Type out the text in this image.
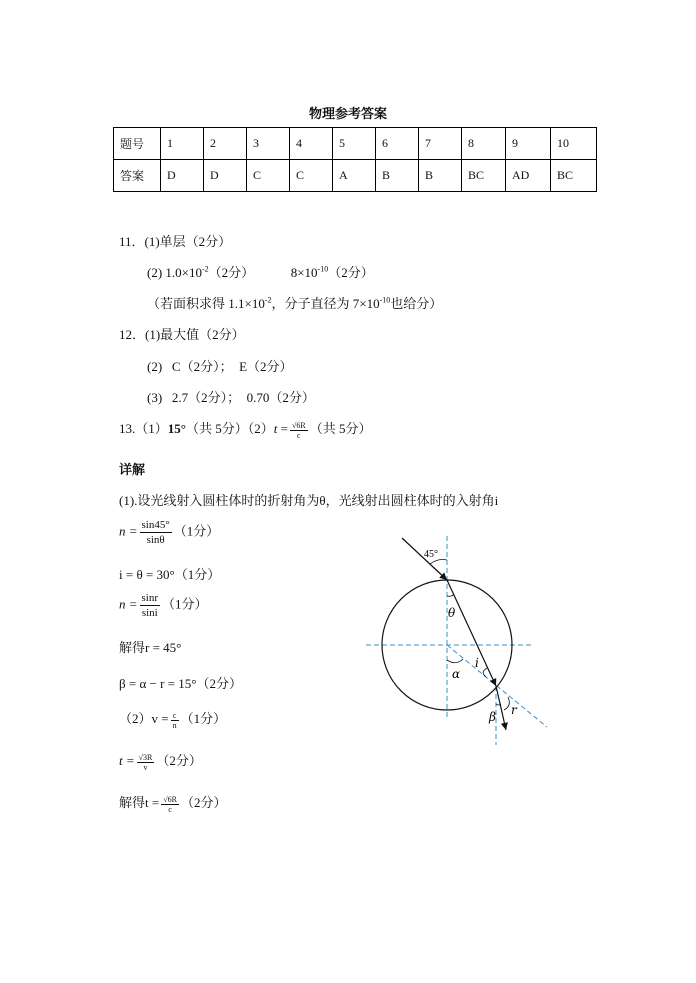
物理参考答案
题号	1	2	3	4	5	6	7	8	9	10
答案	D	D	C	C	A	B	B	BC	AD	BC
11．(1)单层（2分）
(2) $1.0\times 10^{-2}(2$分）	$8\times 10^{-10}(2$分）
（若面积求得 $1.1\times 10^{-2}$，分子直径为 $7\times 10^{-10}$也给分）
12．(1)最大值（2分）
(2)   C（2分）；  E（2分）
(3)   2.7（2分）；  0.70（2分）
13.（1）15°（共 5分）$(2)t = \frac{√6R}{c}$ （共 5分）
详解
(1).设光线射入圆柱体时的折射角为θ，光线射出圆柱体时的入射角i
$n = \frac{\sin 45^\circ}{\sin\theta} (1$分）
i = θ = 30°（1分）
$n = \frac{\sin r}{\sin i} (1$分）
解得r = 45°
β = α − r = 15°（2分）
$(2)v = \frac{c}{n} (1$分）
$t = \frac{√3R}{v} (2$分）
解得$t = \frac{√6R}{c} (2$分）
45°
θ
i
α
β r
